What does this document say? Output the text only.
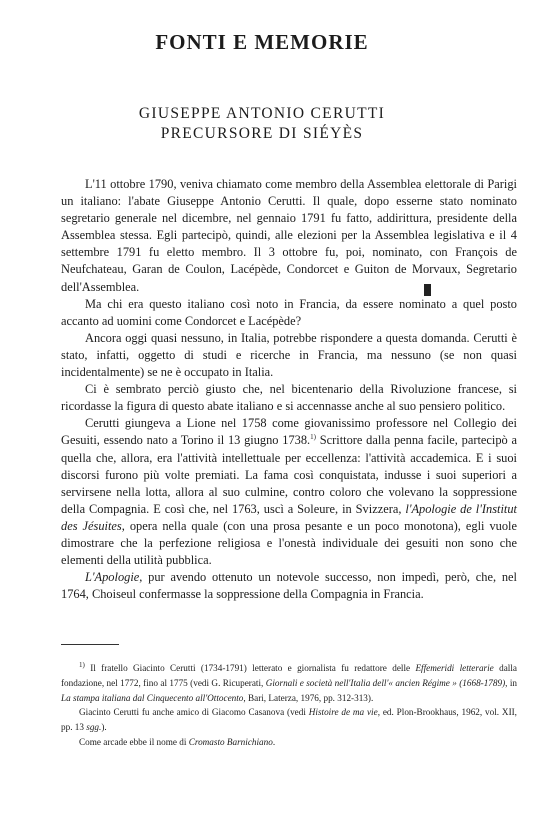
FONTI E MEMORIE
GIUSEPPE ANTONIO CERUTTI
PRECURSORE DI SIÉYÈS

L'11 ottobre 1790, veniva chiamato come membro della Assemblea elettorale di Parigi un italiano: l'abate Giuseppe Antonio Cerutti. Il quale, dopo esserne stato nominato segretario generale nel dicembre, nel gennaio 1791 fu fatto, addirittura, presidente della Assemblea stessa. Egli partecipò, quindi, alle elezioni per la Assemblea legislativa e il 4 settembre 1791 fu eletto membro. Il 3 ottobre fu, poi, nominato, con François de Neufchateau, Garan de Coulon, Lacépède, Condorcet e Guiton de Morvaux, Segretario dell'Assemblea.

Ma chi era questo italiano così noto in Francia, da essere nominato a quel posto accanto ad uomini come Condorcet e Lacépède?

Ancora oggi quasi nessuno, in Italia, potrebbe rispondere a questa domanda. Cerutti è stato, infatti, oggetto di studi e ricerche in Francia, ma nessuno (se non quasi incidentalmente) se ne è occupato in Italia.

Ci è sembrato perciò giusto che, nel bicentenario della Rivoluzione francese, si ricordasse la figura di questo abate italiano e si accennasse anche al suo pensiero politico.

Cerutti giungeva a Lione nel 1758 come giovanissimo professore nel Collegio dei Gesuiti, essendo nato a Torino il 13 giugno 1738.$^{1)}$ Scrittore dalla penna facile, partecipò a quella che, allora, era l'attività intellettuale per eccellenza: l'attività accademica. E i suoi discorsi furono più volte premiati. La fama così conquistata, indusse i suoi superiori a servirsene nella lotta, allora al suo culmine, contro coloro che volevano la soppressione della Compagnia. E così che, nel 1763, uscì a Soleure, in Svizzera, l'Apologie de l'Institut des Jésuites, opera nella quale (con una prosa pesante e un poco monotona), egli vuole dimostrare che la perfezione religiosa e l'onestà individuale dei gesuiti non sono che elementi della utilità pubblica.

L'Apologie, pur avendo ottenuto un notevole successo, non impedì, però, che, nel 1764, Choiseul confermasse la soppressione della Compagnia in Francia.

$^{1)}$ Il fratello Giacinto Cerutti (1734-1791) letterato e giornalista fu redattore delle Effemeridi letterarie dalla fondazione, nel 1772, fino al 1775 (vedi G. Ricuperati, Giornali e società nell'Italia dell'« ancien Régime » (1668-1789), in La stampa italiana dal Cinquecento all'Ottocento, Bari, Laterza, 1976, pp. 312-313).

Giacinto Cerutti fu anche amico di Giacomo Casanova (vedi Histoire de ma vie, ed. Plon-Brookhaus, 1962, vol. XII, pp. 13 sgg.).

Come arcade ebbe il nome di Cromasto Barnichiano.
